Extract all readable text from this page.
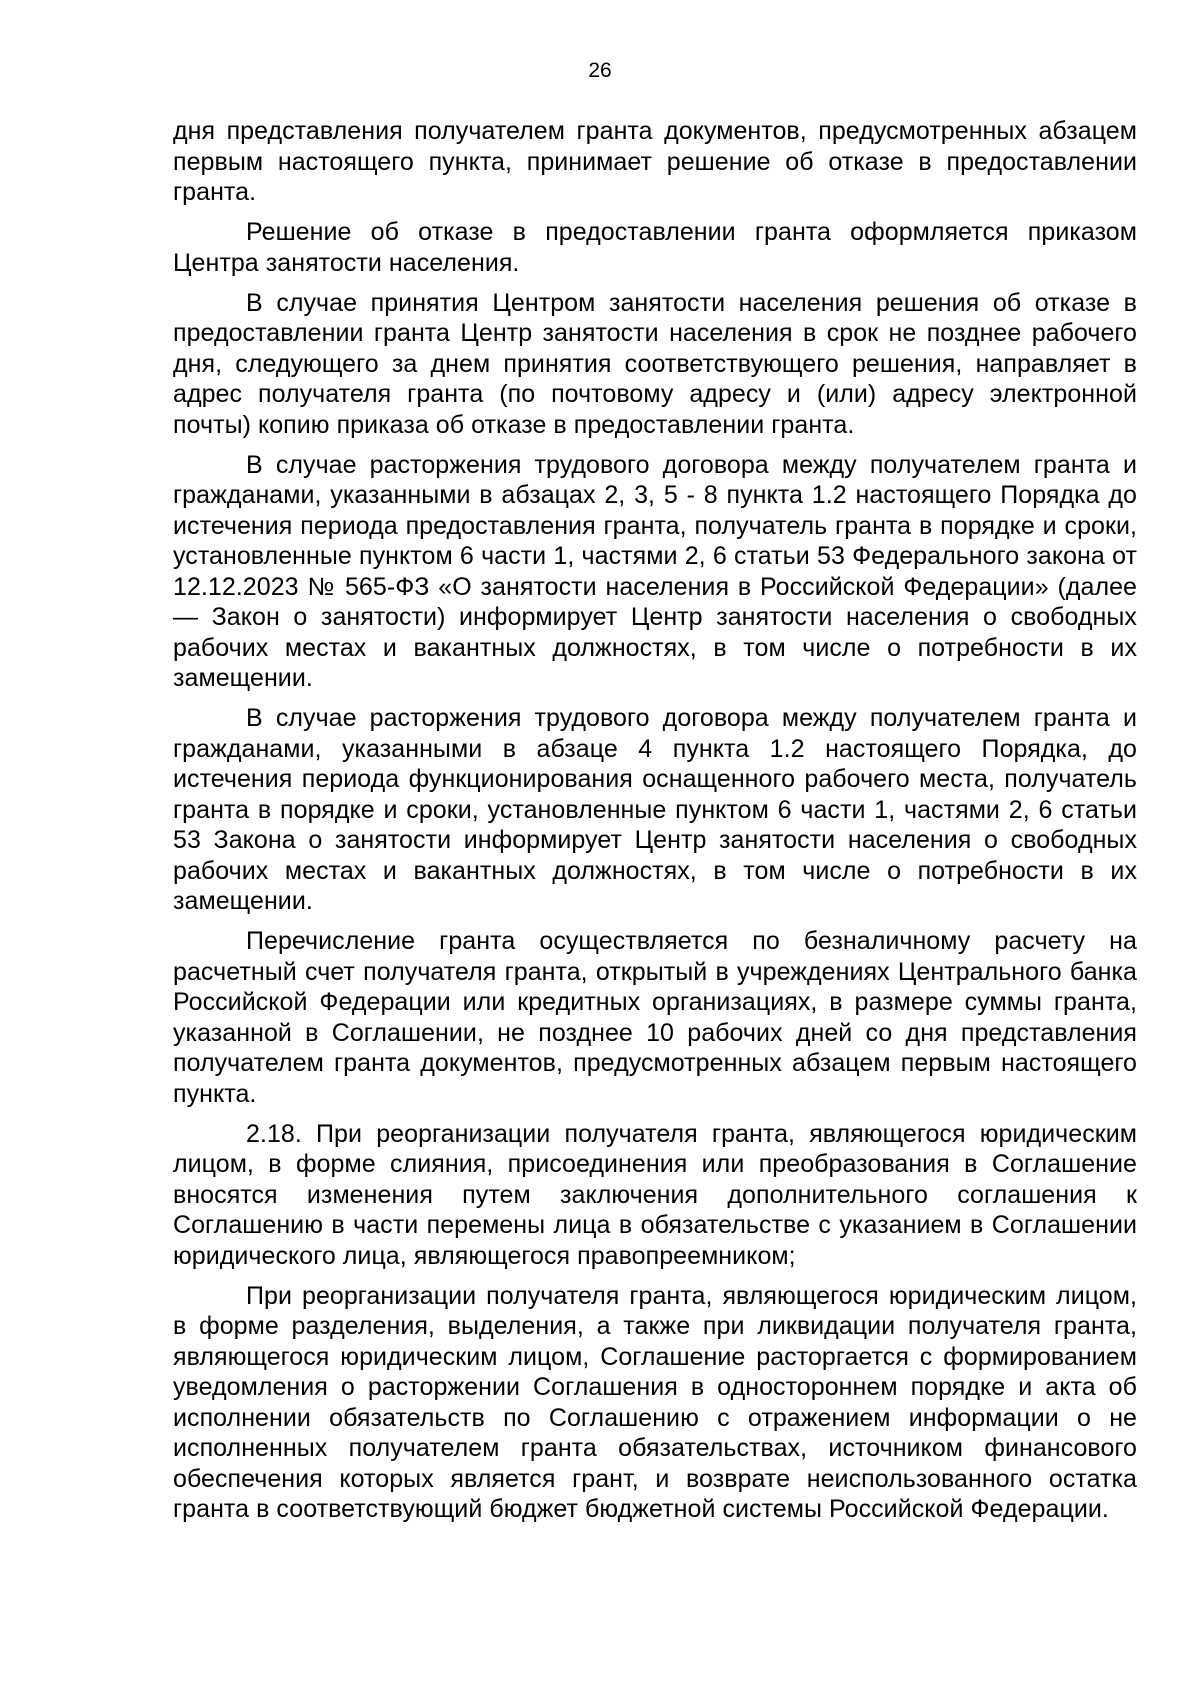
26

дня представления получателем гранта документов, предусмотренных абзацем первым настоящего пункта, принимает решение об отказе в предоставлении гранта.

Решение об отказе в предоставлении гранта оформляется приказом Центра занятости населения.

В случае принятия Центром занятости населения решения об отказе в предоставлении гранта Центр занятости населения в срок не позднее рабочего дня, следующего за днем принятия соответствующего решения, направляет в адрес получателя гранта (по почтовому адресу и (или) адресу электронной почты) копию приказа об отказе в предоставлении гранта.

В случае расторжения трудового договора между получателем гранта и гражданами, указанными в абзацах 2, 3, 5 - 8 пункта 1.2 настоящего Порядка до истечения периода предоставления гранта, получатель гранта в порядке и сроки, установленные пунктом 6 части 1, частями 2, 6 статьи 53 Федерального закона от 12.12.2023 № 565-ФЗ «О занятости населения в Российской Федерации» (далее — Закон о занятости) информирует Центр занятости населения о свободных рабочих местах и вакантных должностях, в том числе о потребности в их замещении.

В случае расторжения трудового договора между получателем гранта и гражданами, указанными в абзаце 4 пункта 1.2 настоящего Порядка, до истечения периода функционирования оснащенного рабочего места, получатель гранта в порядке и сроки, установленные пунктом 6 части 1, частями 2, 6 статьи 53 Закона о занятости информирует Центр занятости населения о свободных рабочих местах и вакантных должностях, в том числе о потребности в их замещении.

Перечисление гранта осуществляется по безналичному расчету на расчетный счет получателя гранта, открытый в учреждениях Центрального банка Российской Федерации или кредитных организациях, в размере суммы гранта, указанной в Соглашении, не позднее 10 рабочих дней со дня представления получателем гранта документов, предусмотренных абзацем первым настоящего пункта.

2.18. При реорганизации получателя гранта, являющегося юридическим лицом, в форме слияния, присоединения или преобразования в Соглашение вносятся изменения путем заключения дополнительного соглашения к Соглашению в части перемены лица в обязательстве с указанием в Соглашении юридического лица, являющегося правопреемником;

При реорганизации получателя гранта, являющегося юридическим лицом, в форме разделения, выделения, а также при ликвидации получателя гранта, являющегося юридическим лицом, Соглашение расторгается с формированием уведомления о расторжении Соглашения в одностороннем порядке и акта об исполнении обязательств по Соглашению с отражением информации о не исполненных получателем гранта обязательствах, источником финансового обеспечения которых является грант, и возврате неиспользованного остатка гранта в соответствующий бюджет бюджетной системы Российской Федерации.
